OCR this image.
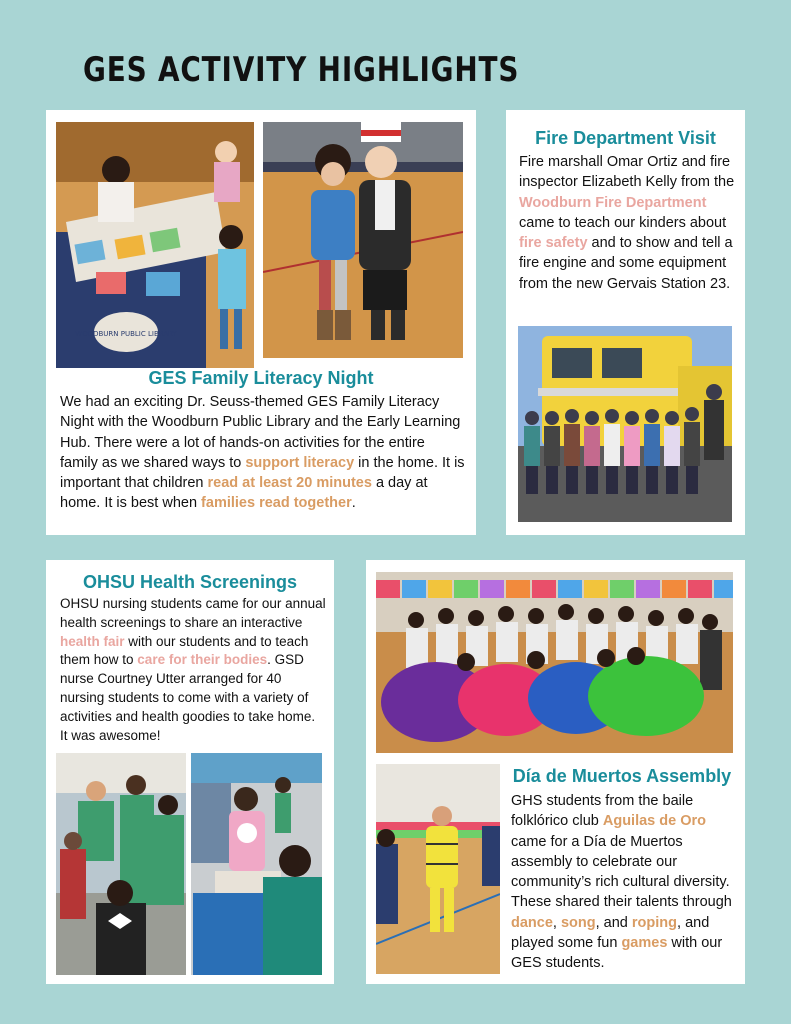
GES ACTIVITY HIGHLIGHTS
WOODBURN PUBLIC LIBRARY
GES Family Literacy Night
We had an exciting Dr. Seuss-themed GES Family Literacy Night with the Woodburn Public Library and the Early Learning Hub. There were a lot of hands-on activities for the entire family as we shared ways to support literacy in the home. It is important that children read at least 20 minutes a day at home. It is best when families read together.
Fire Department Visit
Fire marshall Omar Ortiz and fire inspector Elizabeth Kelly from the Woodburn Fire Department came to teach our kinders about fire safety and to show and tell a fire engine and some equipment from the new Gervais Station 23.
OHSU Health Screenings
OHSU nursing students came for our annual health screenings to share an interactive health fair with our students and to teach them how to care for their bodies. GSD nurse Courtney Utter arranged for 40 nursing students to come with a variety of activities and health goodies to take home. It was awesome!
Día de Muertos Assembly
GHS students from the baile folklórico club Aguilas de Oro came for a Día de Muertos assembly to celebrate our community’s rich cultural diversity. These shared their talents through dance, song, and roping, and played some fun games with our GES students.
